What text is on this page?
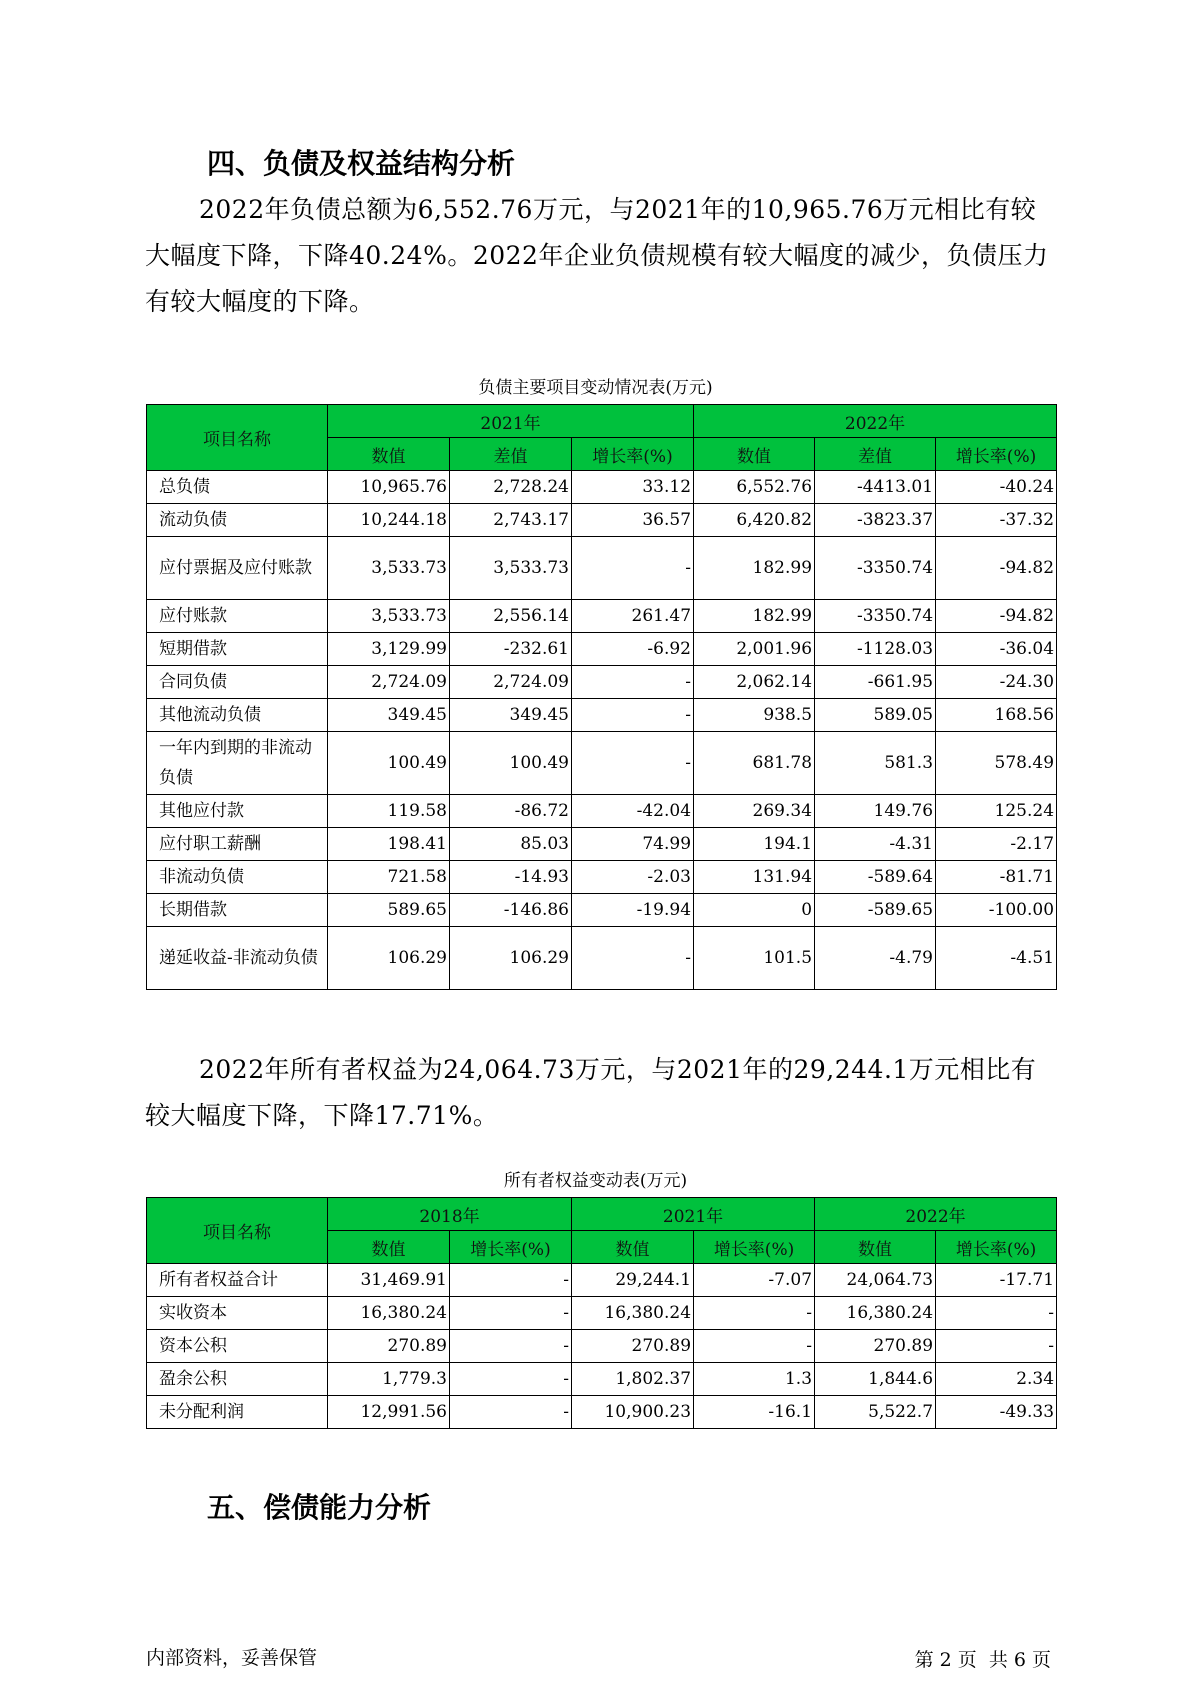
四、负债及权益结构分析

2022年负债总额为6,552.76万元，与2021年的10,965.76万元相比有较大幅度下降，下降40.24%。2022年企业负债规模有较大幅度的减少，负债压力有较大幅度的下降。

负债主要项目变动情况表(万元)
项目名称	2021年			2022年		
	数值	差值	增长率(%)	数值	差值	增长率(%)
总负债	10,965.76	2,728.24	33.12	6,552.76	-4413.01	-40.24
流动负债	10,244.18	2,743.17	36.57	6,420.82	-3823.37	-37.32
应付票据及应付账款	3,533.73	3,533.73	-	182.99	-3350.74	-94.82
应付账款	3,533.73	2,556.14	261.47	182.99	-3350.74	-94.82
短期借款	3,129.99	-232.61	-6.92	2,001.96	-1128.03	-36.04
合同负债	2,724.09	2,724.09	-	2,062.14	-661.95	-24.30
其他流动负债	349.45	349.45	-	938.5	589.05	168.56
一年内到期的非流动负债	100.49	100.49	-	681.78	581.3	578.49
其他应付款	119.58	-86.72	-42.04	269.34	149.76	125.24
应付职工薪酬	198.41	85.03	74.99	194.1	-4.31	-2.17
非流动负债	721.58	-14.93	-2.03	131.94	-589.64	-81.71
长期借款	589.65	-146.86	-19.94	0	-589.65	-100.00
递延收益-非流动负债	106.29	106.29	-	101.5	-4.79	-4.51

2022年所有者权益为24,064.73万元，与2021年的29,244.1万元相比有较大幅度下降，下降17.71%。

所有者权益变动表(万元)
项目名称	2018年		2021年		2022年	
	数值	增长率(%)	数值	增长率(%)	数值	增长率(%)
所有者权益合计	31,469.91	-	29,244.1	-7.07	24,064.73	-17.71
实收资本	16,380.24	-	16,380.24	-	16,380.24	-
资本公积	270.89	-	270.89	-	270.89	-
盈余公积	1,779.3	-	1,802.37	1.3	1,844.6	2.34
未分配利润	12,991.56	-	10,900.23	-16.1	5,522.7	-49.33
五、偿债能力分析
内部资料，妥善保管	第 2 页  共 6 页
